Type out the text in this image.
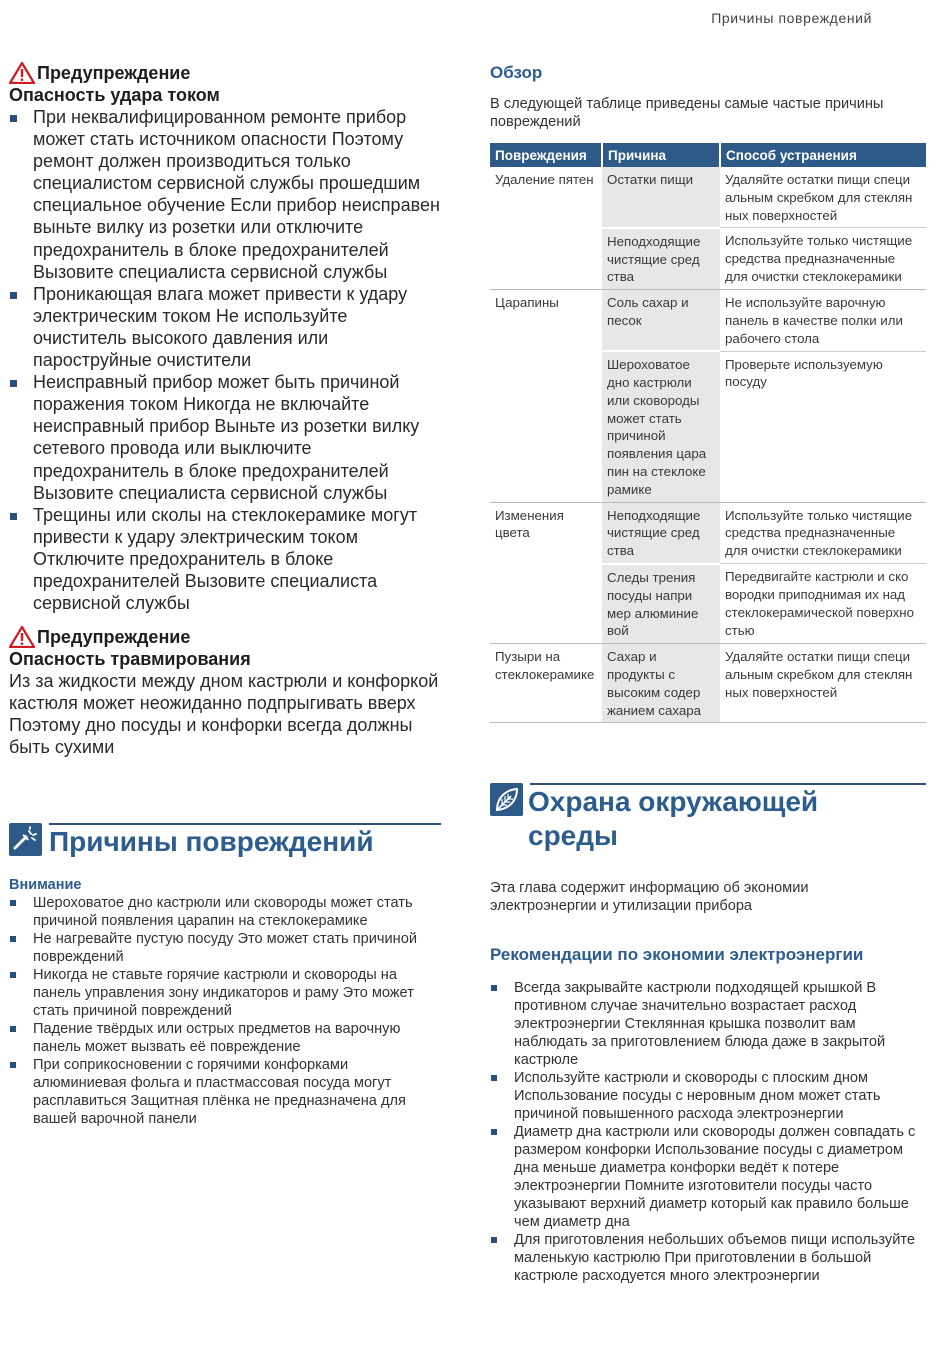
Причины повреждений
Предупреждение
Опасность удара током
При неквалифицированном ремонте прибор может стать источником опасности Поэтому ремонт должен производиться только специалистом сервисной службы прошедшим специальное обучение Если прибор неисправен выньте вилку из розетки или отключите предохранитель в блоке предохранителей Вызовите специалиста сервисной службы
Проникающая влага может привести к удару электрическим током Не используйте очиститель высокого давления или пароструйные очистители
Неисправный прибор может быть причиной поражения током Никогда не включайте неисправный прибор Выньте из розетки вилку сетевого провода или выключите предохранитель в блоке предохранителей Вызовите специалиста сервисной службы
Трещины или сколы на стеклокерамике могут привести к удару электрическим током Отключите предохранитель в блоке предохранителей Вызовите специалиста сервисной службы
Предупреждение
Опасность травмирования

Из за жидкости между дном кастрюли и конфоркой кастюля может неожиданно подпрыгивать вверх Поэтому дно посуды и конфорки всегда должны быть сухими

Причины повреждений
Внимание
Шероховатое дно кастрюли или сковороды может стать причиной появления царапин на стеклокерамике
Не нагревайте пустую посуду Это может стать причиной повреждений
Никогда не ставьте горячие кастрюли и сковороды на панель управления зону индикаторов и раму Это может стать причиной повреждений
Падение твёрдых или острых предметов на варочную панель может вызвать её повреждение
При соприкосновении с горячими конфорками алюминиевая фольга и пластмассовая посуда могут расплавиться Защитная плёнка не предназначена для вашей варочной панели
Обзор

В следующей таблице приведены самые частые причины повреждений

Повреждения	Причина	Способ устранения
Удаление пятен	Остатки пищи	Удаляйте остатки пищи специ альным скребком для стеклян ных поверхностей
	Неподходящие чистящие сред ства	Используйте только чистящие средства предназначенные для очистки стеклокерамики
Царапины	Соль сахар и песок	Не используйте варочную панель в качестве полки или рабочего стола
	Шероховатое дно кастрюли или сковороды может стать причиной появления цара пин на стеклоке рамике	Проверьте используемую посуду
Изменения цвета	Неподходящие чистящие сред ства	Используйте только чистящие средства предназначенные для очистки стеклокерамики
	Следы трения посуды напри мер алюминие вой	Передвигайте кастрюли и ско вородки приподнимая их над стеклокерамической поверхно стью
Пузыри на стеклокерамике	Сахар и продукты с высоким содер жанием сахара	Удаляйте остатки пищи специ альным скребком для стеклян ных поверхностей
Охрана окружающей среды

Эта глава содержит информацию об экономии электроэнергии и утилизации прибора

Рекомендации по экономии электроэнергии
Всегда закрывайте кастрюли подходящей крышкой В противном случае значительно возрастает расход электроэнергии Стеклянная крышка позволит вам наблюдать за приготовлением блюда даже в закрытой кастрюле
Используйте кастрюли и сковороды с плоским дном Использование посуды с неровным дном может стать причиной повышенного расхода электроэнергии
Диаметр дна кастрюли или сковороды должен совпадать с размером конфорки Использование посуды с диаметром дна меньше диаметра конфорки ведёт к потере электроэнергии Помните изготовители посуды часто указывают верхний диаметр который как правило больше чем диаметр дна
Для приготовления небольших объемов пищи используйте маленькую кастрюлю При приготовлении в большой кастрюле расходуется много электроэнергии
